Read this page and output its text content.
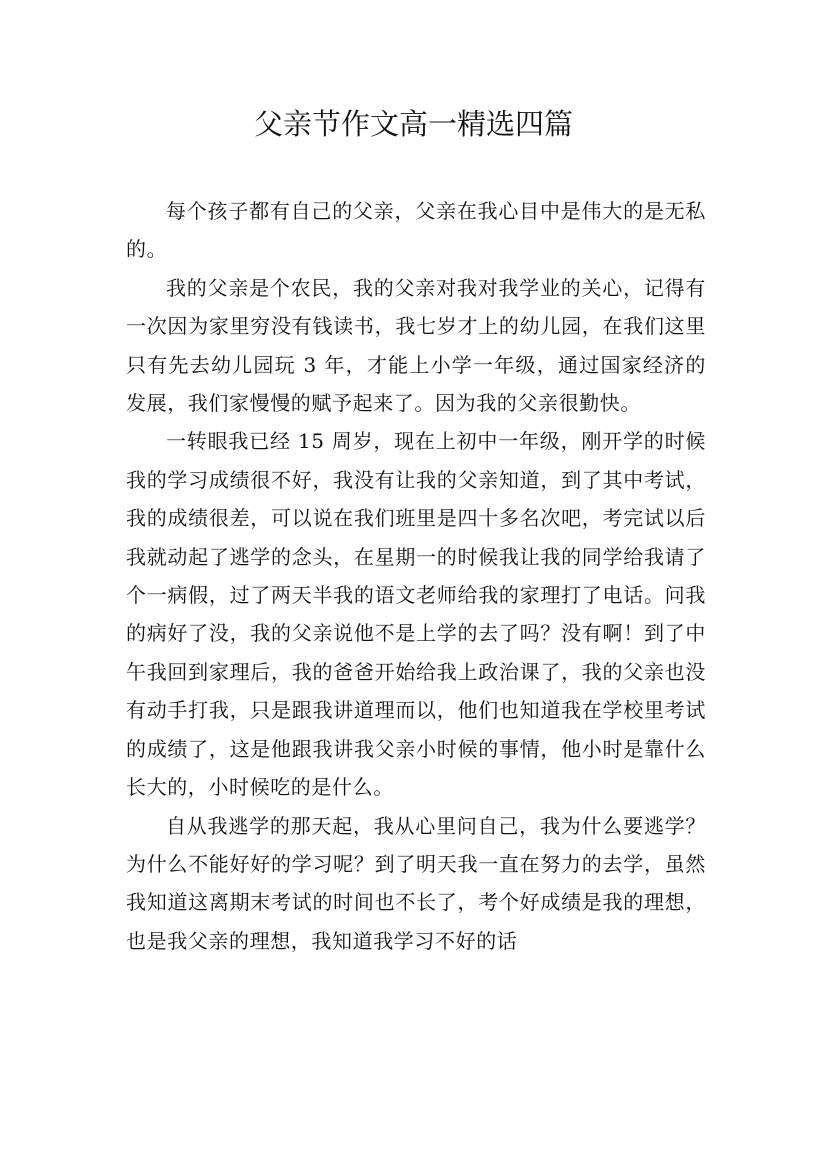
父亲节作文高一精选四篇

每个孩子都有自己的父亲，父亲在我心目中是伟大的是无私的。

我的父亲是个农民，我的父亲对我对我学业的关心，记得有一次因为家里穷没有钱读书，我七岁才上的幼儿园，在我们这里只有先去幼儿园玩 3 年，才能上小学一年级，通过国家经济的发展，我们家慢慢的赋予起来了。因为我的父亲很勤快。

一转眼我已经 15 周岁，现在上初中一年级，刚开学的时候我的学习成绩很不好，我没有让我的父亲知道，到了其中考试，我的成绩很差，可以说在我们班里是四十多名次吧，考完试以后我就动起了逃学的念头，在星期一的时候我让我的同学给我请了个一病假，过了两天半我的语文老师给我的家理打了电话。问我的病好了没，我的父亲说他不是上学的去了吗？没有啊！到了中午我回到家理后，我的爸爸开始给我上政治课了，我的父亲也没有动手打我，只是跟我讲道理而以，他们也知道我在学校里考试的成绩了，这是他跟我讲我父亲小时候的事情，他小时是靠什么长大的，小时候吃的是什么。

自从我逃学的那天起，我从心里问自己，我为什么要逃学？为什么不能好好的学习呢？到了明天我一直在努力的去学，虽然我知道这离期末考试的时间也不长了，考个好成绩是我的理想，也是我父亲的理想，我知道我学习不好的话
